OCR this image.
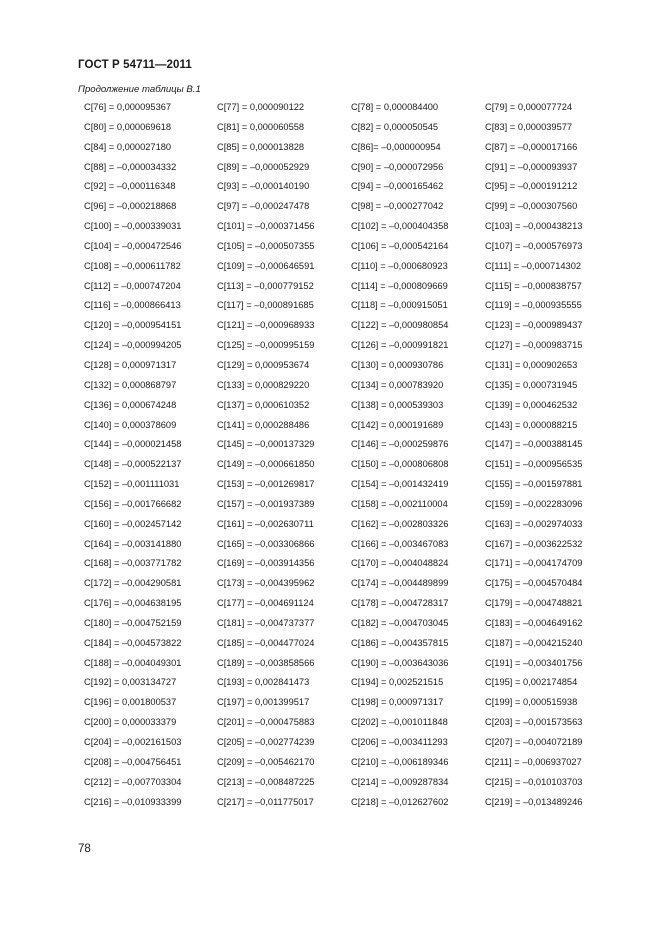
ГОСТ Р 54711—2011
Продолжение таблицы В.1
C[76] = 0,000095367	C[77] = 0,000090122	C[78] = 0,000084400	C[79] = 0,000077724
C[80] = 0,000069618	C[81] = 0,000060558	C[82] = 0,000050545	C[83] = 0,000039577
C[84] = 0,000027180	C[85] = 0,000013828	C[86]= –0,000000954	C[87] = –0,000017166
C[88] = –0,000034332	C[89] = –0,000052929	C[90] = –0,000072956	C[91] = –0,000093937
C[92] = –0,000116348	C[93] = –0,000140190	C[94] = –0,000165462	C[95] = –0,000191212
C[96] = –0,000218868	C[97] = –0,000247478	C[98] = –0,000277042	C[99] = –0,000307560
C[100] = –0,000339031	C[101] = –0,000371456	C[102] = –0,000404358	C[103] = –0,000438213
C[104] = –0,000472546	C[105] = –0,000507355	C[106] = –0,000542164	C[107] = –0,000576973
C[108] = –0,000611782	C[109] = –0,000646591	C[110] = –0,000680923	C[111] = –0,000714302
C[112] = –0,000747204	C[113] = –0,000779152	C[114] = –0,000809669	C[115] = –0,000838757
C[116] = –0,000866413	C[117] = –0,000891685	C[118] = –0,000915051	C[119] = –0,000935555
C[120] = –0,000954151	C[121] = –0,000968933	C[122] = –0,000980854	C[123] = –0,000989437
C[124] = –0,000994205	C[125] = –0,000995159	C[126] = –0,000991821	C[127] = –0,000983715
C[128] = 0,000971317	C[129] = 0,000953674	C[130] = 0,000930786	C[131] = 0,000902653
C[132] = 0,000868797	C[133] = 0,000829220	C[134] = 0,000783920	C[135] = 0,000731945
C[136] = 0,000674248	C[137] = 0,000610352	C[138] = 0,000539303	C[139] = 0,000462532
C[140] = 0,000378609	C[141] = 0,000288486	C[142] = 0,000191689	C[143] = 0,000088215
C[144] = –0,000021458	C[145] = –0,000137329	C[146] = –0,000259876	C[147] = –0,000388145
C[148] = –0,000522137	C[149] = –0,000661850	C[150] = –0,000806808	C[151] = –0,000956535
C[152] = –0,001111031	C[153] = –0,001269817	C[154] = –0,001432419	C[155] = –0,001597881
C[156] = –0,001766682	C[157] = –0,001937389	C[158] = –0,002110004	C[159] = –0,002283096
C[160] = –0,002457142	C[161] = –0,002630711	C[162] = –0,002803326	C[163] = –0,002974033
C[164] = –0,003141880	C[165] = –0,003306866	C[166] = –0,003467083	C[167] = –0,003622532
C[168] = –0,003771782	C[169] = –0,003914356	C[170] = –0,004048824	C[171] = –0,004174709
C[172] = –0,004290581	C[173] = –0,004395962	C[174] = –0,004489899	C[175] = –0,004570484
C[176] = –0,004638195	C[177] = –0,004691124	C[178] = –0,004728317	C[179] = –0,004748821
C[180] = –0,004752159	C[181] = –0,004737377	C[182] = –0,004703045	C[183] = –0,004649162
C[184] = –0,004573822	C[185] = –0,004477024	C[186] = –0,004357815	C[187] = –0,004215240
C[188] = –0,004049301	C[189] = –0,003858566	C[190] = –0,003643036	C[191] = –0,003401756
C[192] = 0,003134727	C[193] = 0,002841473	C[194] = 0,002521515	C[195] = 0,002174854
C[196] = 0,001800537	C[197] = 0,001399517	C[198] = 0,000971317	C[199] = 0,000515938
C[200] = 0,000033379	C[201] = –0,000475883	C[202] = –0,001011848	C[203] = –0,001573563
C[204] = –0,002161503	C[205] = –0,002774239	C[206] = –0,003411293	C[207] = –0,004072189
C[208] = –0,004756451	C[209] = –0,005462170	C[210] = –0,006189346	C[211] = –0,006937027
C[212] = –0,007703304	C[213] = –0,008487225	C[214] = –0,009287834	C[215] = –0,010103703
C[216] = –0,010933399	C[217] = –0,011775017	C[218] = –0,012627602	C[219] = –0,013489246
78
